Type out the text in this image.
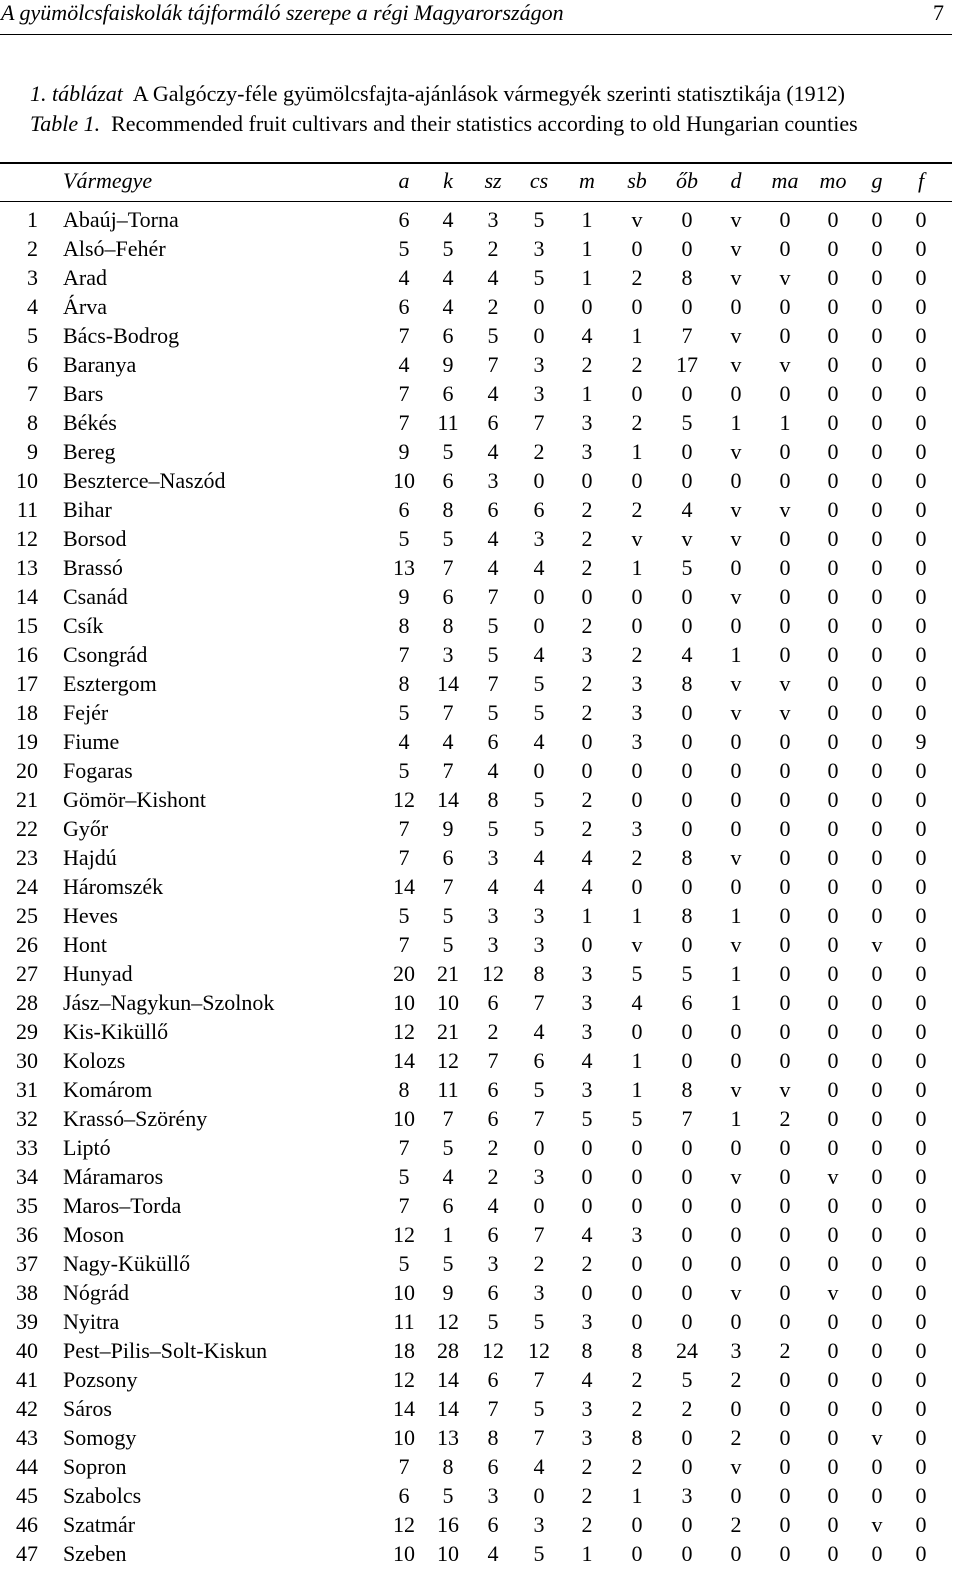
A gyümölcsfaiskolák tájformáló szerepe a régi Magyarországon	7
1. táblázat A Galgóczy-féle gyümölcsfajta-ajánlások vármegyék szerinti statisztikája (1912)
Table 1. Recommended fruit cultivars and their statistics according to old Hungarian counties
Vármegye	a k sz cs m sb őb d ma mo g f
1 Abaúj–Torna	6 4 3 5 1 v 0 v 0 0 0 0
2 Alsó–Fehér	5 5 2 3 1 0 0 v 0 0 0 0
3 Arad	4 4 4 5 1 2 8 v v 0 0 0
4 Árva	6 4 2 0 0 0 0 0 0 0 0 0
5 Bács-Bodrog	7 6 5 0 4 1 7 v 0 0 0 0
6 Baranya	4 9 7 3 2 2 17 v v 0 0 0
7 Bars	7 6 4 3 1 0 0 0 0 0 0 0
8 Békés	7 11 6 7 3 2 5 1 1 0 0 0
9 Bereg	9 5 4 2 3 1 0 v 0 0 0 0
10 Beszterce–Naszód	10 6 3 0 0 0 0 0 0 0 0 0
11 Bihar	6 8 6 6 2 2 4 v v 0 0 0
12 Borsod	5 5 4 3 2 v v v 0 0 0 0
13 Brassó	13 7 4 4 2 1 5 0 0 0 0 0
14 Csanád	9 6 7 0 0 0 0 v 0 0 0 0
15 Csík	8 8 5 0 2 0 0 0 0 0 0 0
16 Csongrád	7 3 5 4 3 2 4 1 0 0 0 0
17 Esztergom	8 14 7 5 2 3 8 v v 0 0 0
18 Fejér	5 7 5 5 2 3 0 v v 0 0 0
19 Fiume	4 4 6 4 0 3 0 0 0 0 0 9
20 Fogaras	5 7 4 0 0 0 0 0 0 0 0 0
21 Gömör–Kishont	12 14 8 5 2 0 0 0 0 0 0 0
22 Győr	7 9 5 5 2 3 0 0 0 0 0 0
23 Hajdú	7 6 3 4 4 2 8 v 0 0 0 0
24 Háromszék	14 7 4 4 4 0 0 0 0 0 0 0
25 Heves	5 5 3 3 1 1 8 1 0 0 0 0
26 Hont	7 5 3 3 0 v 0 v 0 0 v 0
27 Hunyad	20 21 12 8 3 5 5 1 0 0 0 0
28 Jász–Nagykun–Szolnok	10 10 6 7 3 4 6 1 0 0 0 0
29 Kis-Kiküllő	12 21 2 4 3 0 0 0 0 0 0 0
30 Kolozs	14 12 7 6 4 1 0 0 0 0 0 0
31 Komárom	8 11 6 5 3 1 8 v v 0 0 0
32 Krassó–Szörény	10 7 6 7 5 5 7 1 2 0 0 0
33 Liptó	7 5 2 0 0 0 0 0 0 0 0 0
34 Máramaros	5 4 2 3 0 0 0 v 0 v 0 0
35 Maros–Torda	7 6 4 0 0 0 0 0 0 0 0 0
36 Moson	12 1 6 7 4 3 0 0 0 0 0 0
37 Nagy-Küküllő	5 5 3 2 2 0 0 0 0 0 0 0
38 Nógrád	10 9 6 3 0 0 0 v 0 v 0 0
39 Nyitra	11 12 5 5 3 0 0 0 0 0 0 0
40 Pest–Pilis–Solt-Kiskun	18 28 12 12 8 8 24 3 2 0 0 0
41 Pozsony	12 14 6 7 4 2 5 2 0 0 0 0
42 Sáros	14 14 7 5 3 2 2 0 0 0 0 0
43 Somogy	10 13 8 7 3 8 0 2 0 0 v 0
44 Sopron	7 8 6 4 2 2 0 v 0 0 0 0
45 Szabolcs	6 5 3 0 2 1 3 0 0 0 0 0
46 Szatmár	12 16 6 3 2 0 0 2 0 0 v 0
47 Szeben	10 10 4 5 1 0 0 0 0 0 0 0
